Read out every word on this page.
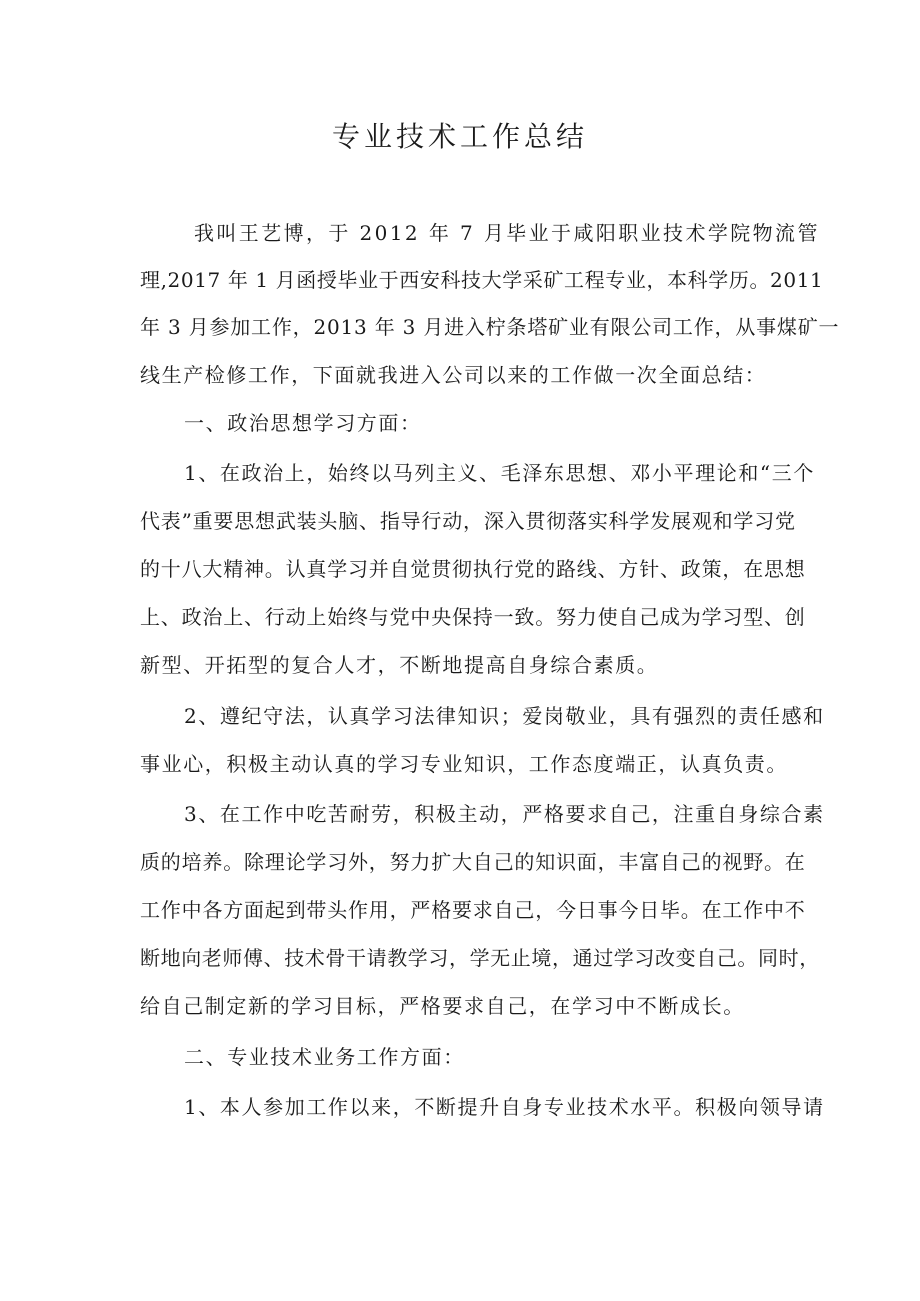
专业技术工作总结
我叫王艺博，于 2012 年 7 月毕业于咸阳职业技术学院物流管
理,2017 年 1 月函授毕业于西安科技大学采矿工程专业，本科学历。2011
年 3 月参加工作，2013 年 3 月进入柠条塔矿业有限公司工作，从事煤矿一
线生产检修工作，下面就我进入公司以来的工作做一次全面总结：
一、政治思想学习方面：
1、在政治上，始终以马列主义、毛泽东思想、邓小平理论和“三个
代表”重要思想武装头脑、指导行动，深入贯彻落实科学发展观和学习党
的十八大精神。认真学习并自觉贯彻执行党的路线、方针、政策，在思想
上、政治上、行动上始终与党中央保持一致。努力使自己成为学习型、创
新型、开拓型的复合人才，不断地提高自身综合素质。
2、遵纪守法，认真学习法律知识；爱岗敬业，具有强烈的责任感和
事业心，积极主动认真的学习专业知识，工作态度端正，认真负责。
3、在工作中吃苦耐劳，积极主动，严格要求自己，注重自身综合素
质的培养。除理论学习外，努力扩大自己的知识面，丰富自己的视野。在
工作中各方面起到带头作用，严格要求自己，今日事今日毕。在工作中不
断地向老师傅、技术骨干请教学习，学无止境，通过学习改变自己。同时，
给自己制定新的学习目标，严格要求自己，在学习中不断成长。
二、专业技术业务工作方面：
1、本人参加工作以来，不断提升自身专业技术水平。积极向领导请
